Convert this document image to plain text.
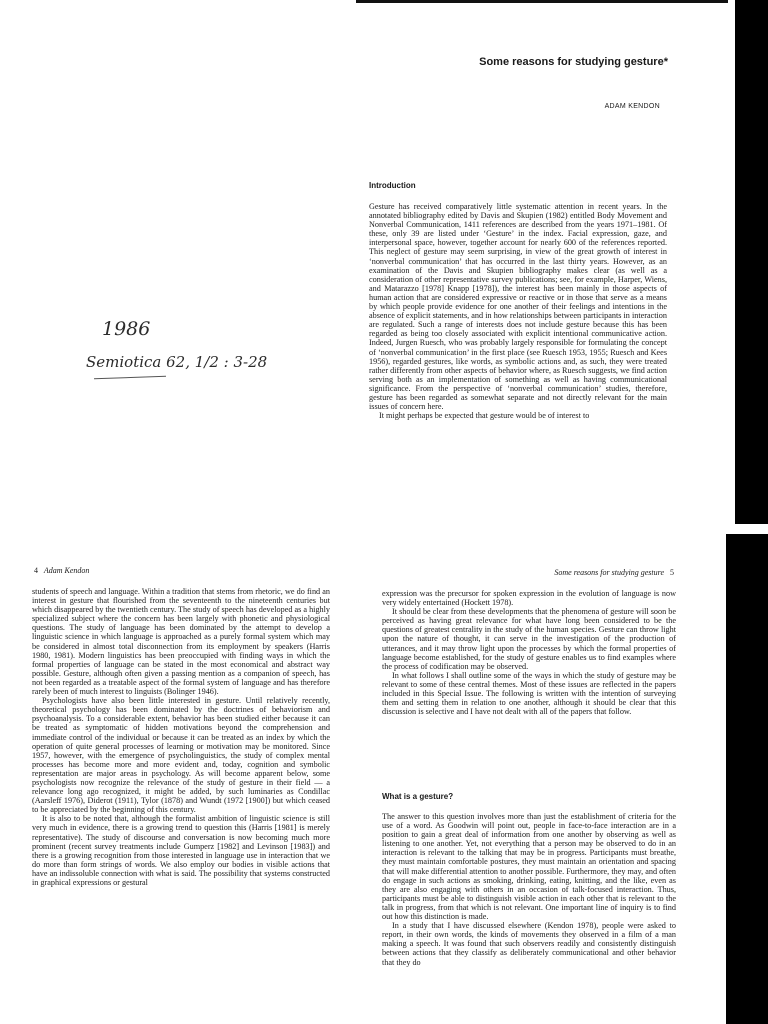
Some reasons for studying gesture*
ADAM KENDON
Introduction

Gesture has received comparatively little systematic attention in recent years. In the annotated bibliography edited by Davis and Skupien (1982) entitled Body Movement and Nonverbal Communication, 1411 references are described from the years 1971–1981. Of these, only 39 are listed under ‘Gesture’ in the index. Facial expression, gaze, and interpersonal space, however, together account for nearly 600 of the references reported. This neglect of gesture may seem surprising, in view of the great growth of interest in ‘nonverbal communication’ that has occurred in the last thirty years. However, as an examination of the Davis and Skupien bibliography makes clear (as well as a consideration of other representative survey publications; see, for example, Harper, Wiens, and Matarazzo [1978] Knapp [1978]), the interest has been mainly in those aspects of human action that are considered expressive or reactive or in those that serve as a means by which people provide evidence for one another of their feelings and intentions in the absence of explicit statements, and in how relationships between participants in interaction are regulated. Such a range of interests does not include gesture because this has been regarded as being too closely associated with explicit intentional communicative action. Indeed, Jurgen Ruesch, who was probably largely responsible for formulating the concept of ‘nonverbal communication’ in the first place (see Ruesch 1953, 1955; Ruesch and Kees 1956), regarded gestures, like words, as symbolic actions and, as such, they were treated rather differently from other aspects of behavior where, as Ruesch suggests, we find action serving both as an implementation of something as well as having communicational significance. From the perspective of ‘nonverbal communication’ studies, therefore, gesture has been regarded as somewhat separate and not directly relevant for the main issues of concern here.

It might perhaps be expected that gesture would be of interest to

1986
Semiotica 62, 1/2 : 3-28
4 Adam Kendon

students of speech and language. Within a tradition that stems from rhetoric, we do find an interest in gesture that flourished from the seventeenth to the nineteenth centuries but which disappeared by the twentieth century. The study of speech has developed as a highly specialized subject where the concern has been largely with phonetic and physiological questions. The study of language has been dominated by the attempt to develop a linguistic science in which language is approached as a purely formal system which may be considered in almost total disconnection from its employment by speakers (Harris 1980, 1981). Modern linguistics has been preoccupied with finding ways in which the formal properties of language can be stated in the most economical and abstract way possible. Gesture, although often given a passing mention as a companion of speech, has not been regarded as a treatable aspect of the formal system of language and has therefore rarely been of much interest to linguists (Bolinger 1946).

Psychologists have also been little interested in gesture. Until relatively recently, theoretical psychology has been dominated by the doctrines of behaviorism and psychoanalysis. To a considerable extent, behavior has been studied either because it can be treated as symptomatic of hidden motivations beyond the comprehension and immediate control of the individual or because it can be treated as an index by which the operation of quite general processes of learning or motivation may be monitored. Since 1957, however, with the emergence of psycholinguistics, the study of complex mental processes has become more and more evident and, today, cognition and symbolic representation are major areas in psychology. As will become apparent below, some psychologists now recognize the relevance of the study of gesture in their field — a relevance long ago recognized, it might be added, by such luminaries as Condillac (Aarsleff 1976), Diderot (1911), Tylor (1878) and Wundt (1972 [1900]) but which ceased to be appreciated by the beginning of this century.

It is also to be noted that, although the formalist ambition of linguistic science is still very much in evidence, there is a growing trend to question this (Harris [1981] is merely representative). The study of discourse and conversation is now becoming much more prominent (recent survey treatments include Gumperz [1982] and Levinson [1983]) and there is a growing recognition from those interested in language use in interaction that we do more than form strings of words. We also employ our bodies in visible actions that have an indissoluble connection with what is said. The possibility that systems constructed in graphical expressions or gestural

Some reasons for studying gesture 5

expression was the precursor for spoken expression in the evolution of language is now very widely entertained (Hockett 1978).

It should be clear from these developments that the phenomena of gesture will soon be perceived as having great relevance for what have long been considered to be the questions of greatest centrality in the study of the human species. Gesture can throw light upon the nature of thought, it can serve in the investigation of the production of utterances, and it may throw light upon the processes by which the formal properties of language become established, for the study of gesture enables us to find examples where the process of codification may be observed.

In what follows I shall outline some of the ways in which the study of gesture may be relevant to some of these central themes. Most of these issues are reflected in the papers included in this Special Issue. The following is written with the intention of surveying them and setting them in relation to one another, although it should be clear that this discussion is selective and I have not dealt with all of the papers that follow.

What is a gesture?

The answer to this question involves more than just the establishment of criteria for the use of a word. As Goodwin will point out, people in face-to-face interaction are in a position to gain a great deal of information from one another by observing as well as listening to one another. Yet, not everything that a person may be observed to do in an interaction is relevant to the talking that may be in progress. Participants must breathe, they must maintain comfortable postures, they must maintain an orientation and spacing that will make differential attention to another possible. Furthermore, they may, and often do engage in such actions as smoking, drinking, eating, knitting, and the like, even as they are also engaging with others in an occasion of talk-focused interaction. Thus, participants must be able to distinguish visible action in each other that is relevant to the talk in progress, from that which is not relevant. One important line of inquiry is to find out how this distinction is made.

In a study that I have discussed elsewhere (Kendon 1978), people were asked to report, in their own words, the kinds of movements they observed in a film of a man making a speech. It was found that such observers readily and consistently distinguish between actions that they classify as deliberately communicational and other behavior that they do
